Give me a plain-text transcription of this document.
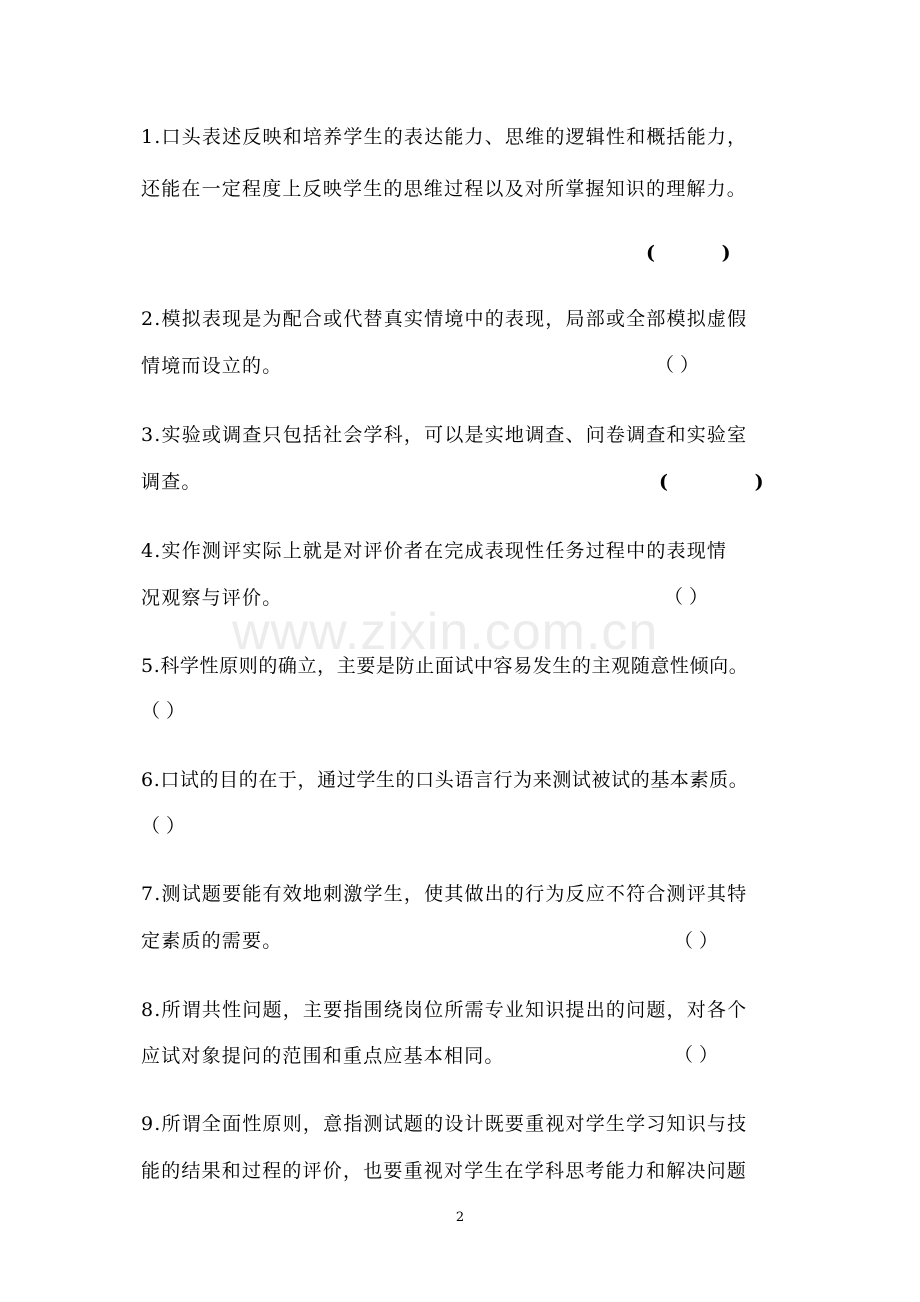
www.zixin.com.cn
1.口头表述反映和培养学生的表达能力、思维的逻辑性和概括能力，
还能在一定程度上反映学生的思维过程以及对所掌握知识的理解力。
( )
2.模拟表现是为配合或代替真实情境中的表现，局部或全部模拟虚假
情境而设立的。	（ ）
3.实验或调查只包括社会学科，可以是实地调查、问卷调查和实验室
调查。	( )
4.实作测评实际上就是对评价者在完成表现性任务过程中的表现情
况观察与评价。	（ ）
5.科学性原则的确立，主要是防止面试中容易发生的主观随意性倾向。
（ ）
6.口试的目的在于，通过学生的口头语言行为来测试被试的基本素质。
（ ）
7.测试题要能有效地刺激学生，使其做出的行为反应不符合测评其特
定素质的需要。	（ ）
8.所谓共性问题，主要指围绕岗位所需专业知识提出的问题，对各个
应试对象提问的范围和重点应基本相同。	（ ）
9.所谓全面性原则，意指测试题的设计既要重视对学生学习知识与技
能的结果和过程的评价，也要重视对学生在学科思考能力和解决问题
2
